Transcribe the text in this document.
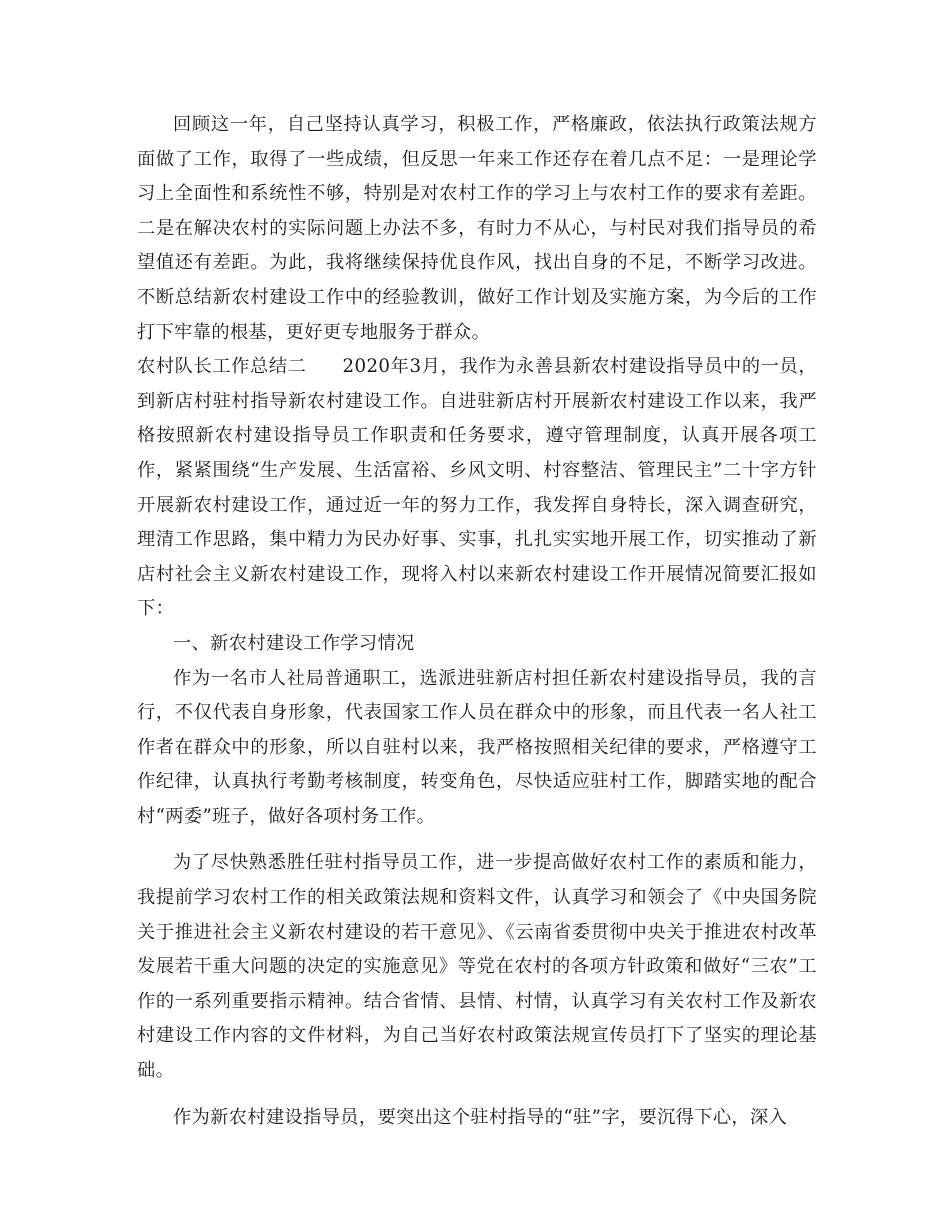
回顾这一年，自己坚持认真学习，积极工作，严格廉政，依法执行政策法规方面做了工作，取得了一些成绩，但反思一年来工作还存在着几点不足：一是理论学习上全面性和系统性不够，特别是对农村工作的学习上与农村工作的要求有差距。二是在解决农村的实际问题上办法不多，有时力不从心，与村民对我们指导员的希望值还有差距。为此，我将继续保持优良作风，找出自身的不足，不断学习改进。不断总结新农村建设工作中的经验教训，做好工作计划及实施方案，为今后的工作打下牢靠的根基，更好更专地服务于群众。

农村队长工作总结二 2020年3月，我作为永善县新农村建设指导员中的一员，到新店村驻村指导新农村建设工作。自进驻新店村开展新农村建设工作以来，我严格按照新农村建设指导员工作职责和任务要求，遵守管理制度，认真开展各项工作，紧紧围绕“生产发展、生活富裕、乡风文明、村容整洁、管理民主”二十字方针开展新农村建设工作，通过近一年的努力工作，我发挥自身特长，深入调查研究，理清工作思路，集中精力为民办好事、实事，扎扎实实地开展工作，切实推动了新店村社会主义新农村建设工作，现将入村以来新农村建设工作开展情况简要汇报如下：

一、新农村建设工作学习情况

作为一名市人社局普通职工，选派进驻新店村担任新农村建设指导员，我的言行，不仅代表自身形象，代表国家工作人员在群众中的形象，而且代表一名人社工作者在群众中的形象，所以自驻村以来，我严格按照相关纪律的要求，严格遵守工作纪律，认真执行考勤考核制度，转变角色，尽快适应驻村工作，脚踏实地的配合村“两委”班子，做好各项村务工作。

为了尽快熟悉胜任驻村指导员工作，进一步提高做好农村工作的素质和能力，我提前学习农村工作的相关政策法规和资料文件，认真学习和领会了《中央国务院关于推进社会主义新农村建设的若干意见》、《云南省委贯彻中央关于推进农村改革发展若干重大问题的决定的实施意见》等党在农村的各项方针政策和做好“三农”工作的一系列重要指示精神。结合省情、县情、村情，认真学习有关农村工作及新农村建设工作内容的文件材料，为自己当好农村政策法规宣传员打下了坚实的理论基础。

作为新农村建设指导员，要突出这个驻村指导的“驻”字，要沉得下心，深入
